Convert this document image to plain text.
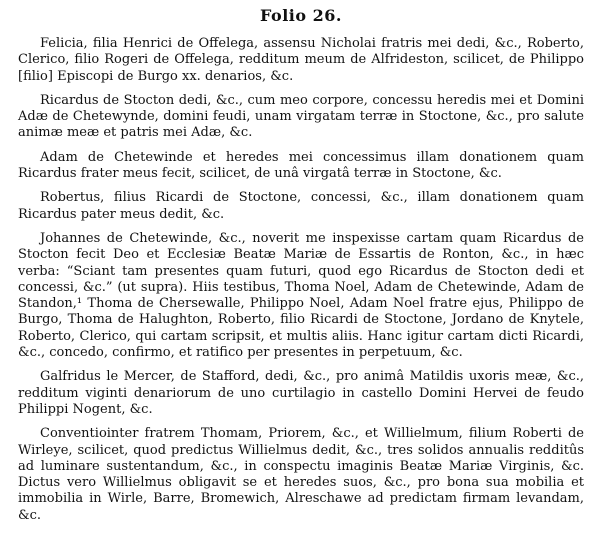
Folio 26.

Felicia, filia Henrici de Offelega, assensu Nicholai fratris mei dedi, &c., Roberto, Clerico, filio Rogeri de Offelega, redditum meum de Alfrideston, scilicet, de Philippo [filio] Episcopi de Burgo xx. denarios, &c.

Ricardus de Stocton dedi, &c., cum meo corpore, concessu heredis mei et Domini Adæ de Chetewynde, domini feudi, unam virgatam terræ in Stoctone, &c., pro salute animæ meæ et patris mei Adæ, &c.

Adam de Chetewinde et heredes mei concessimus illam donationem quam Ricardus frater meus fecit, scilicet, de unâ virgatâ terræ in Stoctone, &c.

Robertus, filius Ricardi de Stoctone, concessi, &c., illam donationem quam Ricardus pater meus dedit, &c.

Johannes de Chetewinde, &c., noverit me inspexisse cartam quam Ricardus de Stocton fecit Deo et Ecclesiæ Beatæ Mariæ de Essartis de Ronton, &c., in hæc verba: “Sciant tam presentes quam futuri, quod ego Ricardus de Stocton dedi et concessi, &c.” (ut supra). Hiis testibus, Thoma Noel, Adam de Chetewinde, Adam de Standon,¹ Thoma de Chersewalle, Philippo Noel, Adam Noel fratre ejus, Philippo de Burgo, Thoma de Halughton, Roberto, filio Ricardi de Stoctone, Jordano de Knytele, Roberto, Clerico, qui cartam scripsit, et multis aliis. Hanc igitur cartam dicti Ricardi, &c., concedo, confirmo, et ratifico per presentes in perpetuum, &c.

Galfridus le Mercer, de Stafford, dedi, &c., pro animâ Matildis uxoris meæ, &c., redditum viginti denariorum de uno curtilagio in castello Domini Hervei de feudo Philippi Nogent, &c.

Conventiointer fratrem Thomam, Priorem, &c., et Willielmum, filium Roberti de Wirleye, scilicet, quod predictus Willielmus dedit, &c., tres solidos annualis redditûs ad luminare sustentandum, &c., in conspectu imaginis Beatæ Mariæ Virginis, &c. Dictus vero Willielmus obligavit se et heredes suos, &c., pro bona sua mobilia et immobilia in Wirle, Barre, Bromewich, Alreschawe ad predictam firmam levandam, &c.
